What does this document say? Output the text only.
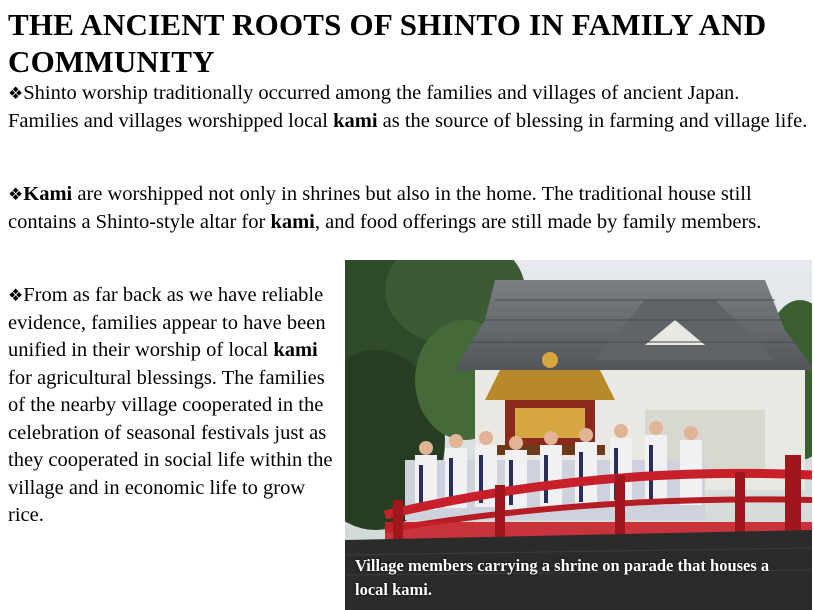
THE ANCIENT ROOTS OF SHINTO IN FAMILY AND COMMUNITY

❖Shinto worship traditionally occurred among the families and villages of ancient Japan. Families and villages worshipped local kami as the source of blessing in farming and village life.

❖Kami are worshipped not only in shrines but also in the home. The traditional house still contains a Shinto-style altar for kami, and food offerings are still made by family members.

❖From as far back as we have reliable evidence, families appear to have been unified in their worship of local kami for agricultural blessings. The families of the nearby village cooperated in the celebration of seasonal festivals just as they cooperated in social life within the village and in economic life to grow rice.

Village members carrying a shrine on parade that houses a local kami.
